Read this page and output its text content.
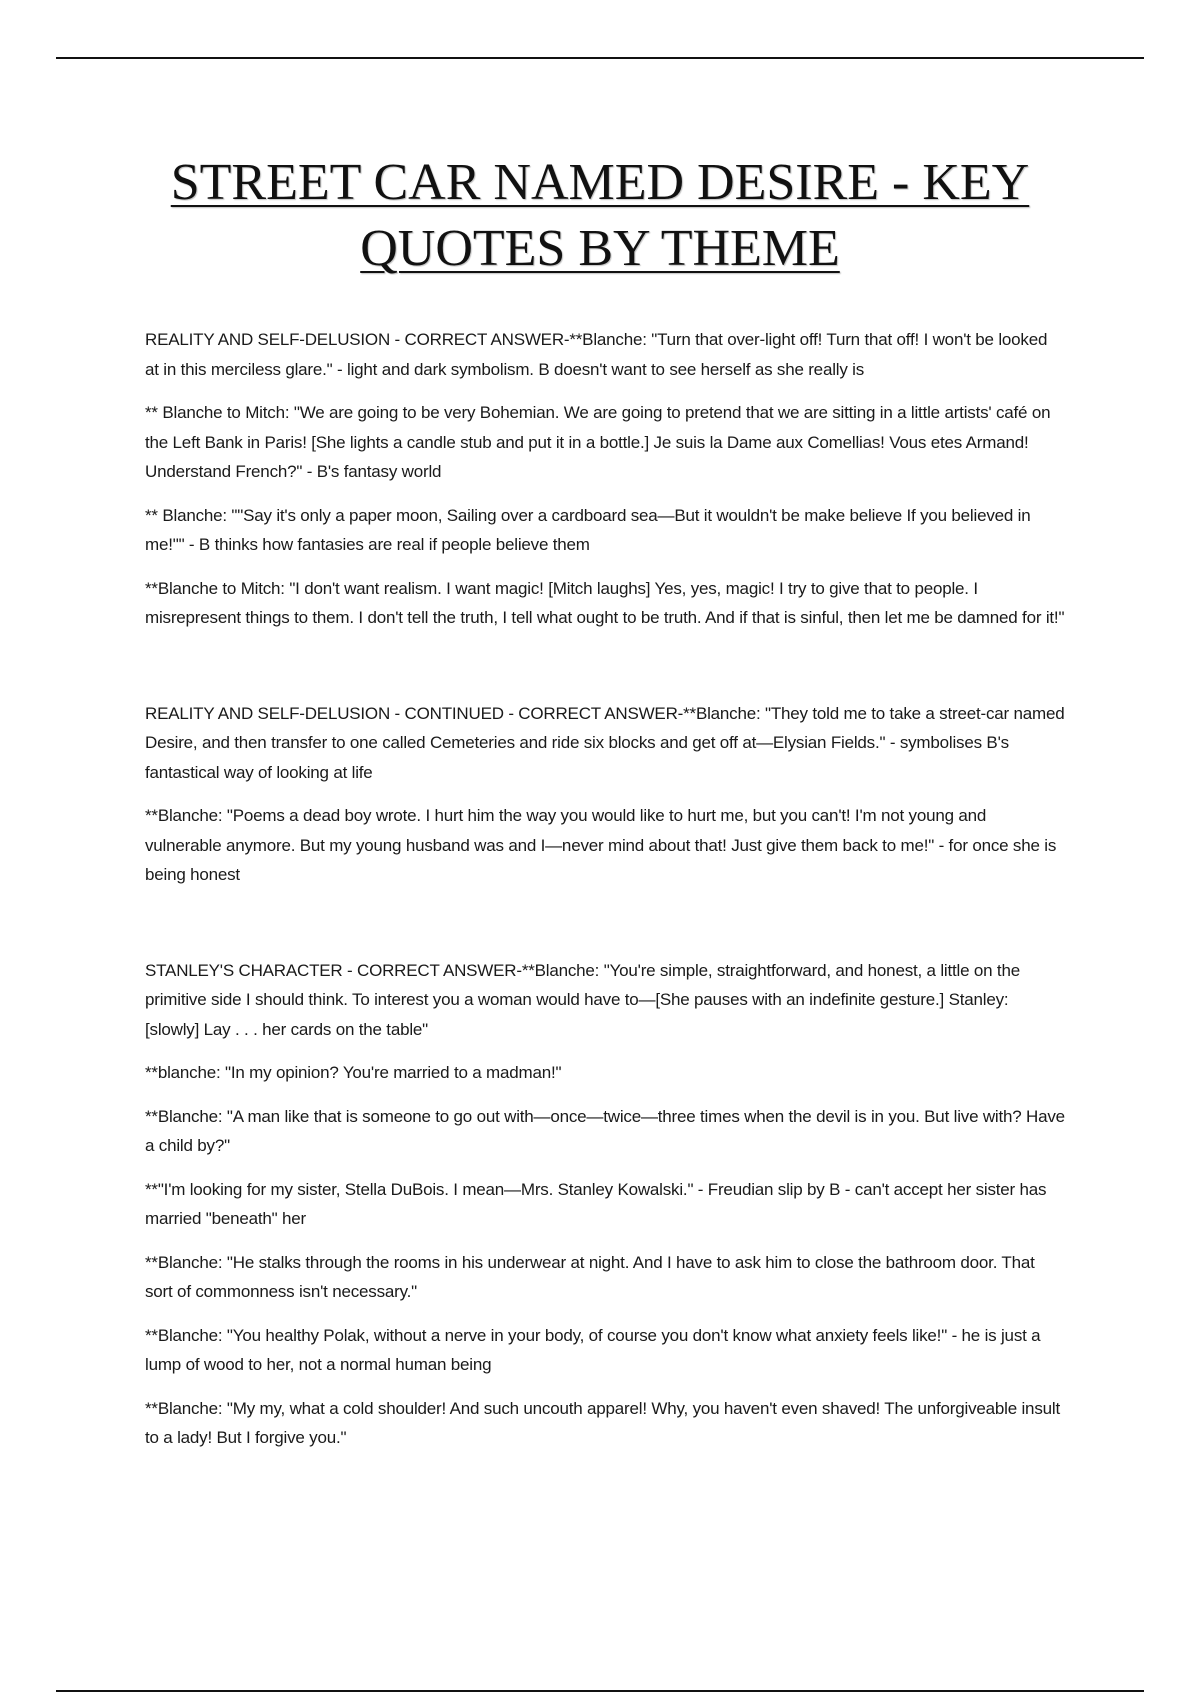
STREET CAR NAMED DESIRE - KEY
QUOTES BY THEME

REALITY AND SELF-DELUSION - CORRECT ANSWER-**Blanche: "Turn that over-light off! Turn that off! I won't be looked at in this merciless glare." - light and dark symbolism. B doesn't want to see herself as she really is

** Blanche to Mitch: "We are going to be very Bohemian. We are going to pretend that we are sitting in a little artists' café on the Left Bank in Paris! [She lights a candle stub and put it in a bottle.] Je suis la Dame aux Comellias! Vous etes Armand! Understand French?" - B's fantasy world

** Blanche: ""Say it's only a paper moon, Sailing over a cardboard sea—But it wouldn't be make believe If you believed in me!"" - B thinks how fantasies are real if people believe them

**Blanche to Mitch: "I don't want realism. I want magic! [Mitch laughs] Yes, yes, magic! I try to give that to people. I misrepresent things to them. I don't tell the truth, I tell what ought to be truth. And if that is sinful, then let me be damned for it!"

REALITY AND SELF-DELUSION - CONTINUED - CORRECT ANSWER-**Blanche: "They told me to take a street-car named Desire, and then transfer to one called Cemeteries and ride six blocks and get off at—Elysian Fields." - symbolises B's fantastical way of looking at life

**Blanche: "Poems a dead boy wrote. I hurt him the way you would like to hurt me, but you can't! I'm not young and vulnerable anymore. But my young husband was and I—never mind about that! Just give them back to me!" - for once she is being honest

STANLEY'S CHARACTER - CORRECT ANSWER-**Blanche: "You're simple, straightforward, and honest, a little on the primitive side I should think. To interest you a woman would have to—[She pauses with an indefinite gesture.] Stanley: [slowly] Lay . . . her cards on the table"

**blanche: "In my opinion? You're married to a madman!"

**Blanche: "A man like that is someone to go out with—once—twice—three times when the devil is in you. But live with? Have a child by?"

**"I'm looking for my sister, Stella DuBois. I mean—Mrs. Stanley Kowalski." - Freudian slip by B - can't accept her sister has married "beneath" her

**Blanche: "He stalks through the rooms in his underwear at night. And I have to ask him to close the bathroom door. That sort of commonness isn't necessary."

**Blanche: "You healthy Polak, without a nerve in your body, of course you don't know what anxiety feels like!" - he is just a lump of wood to her, not a normal human being

**Blanche: "My my, what a cold shoulder! And such uncouth apparel! Why, you haven't even shaved! The unforgiveable insult to a lady! But I forgive you."
